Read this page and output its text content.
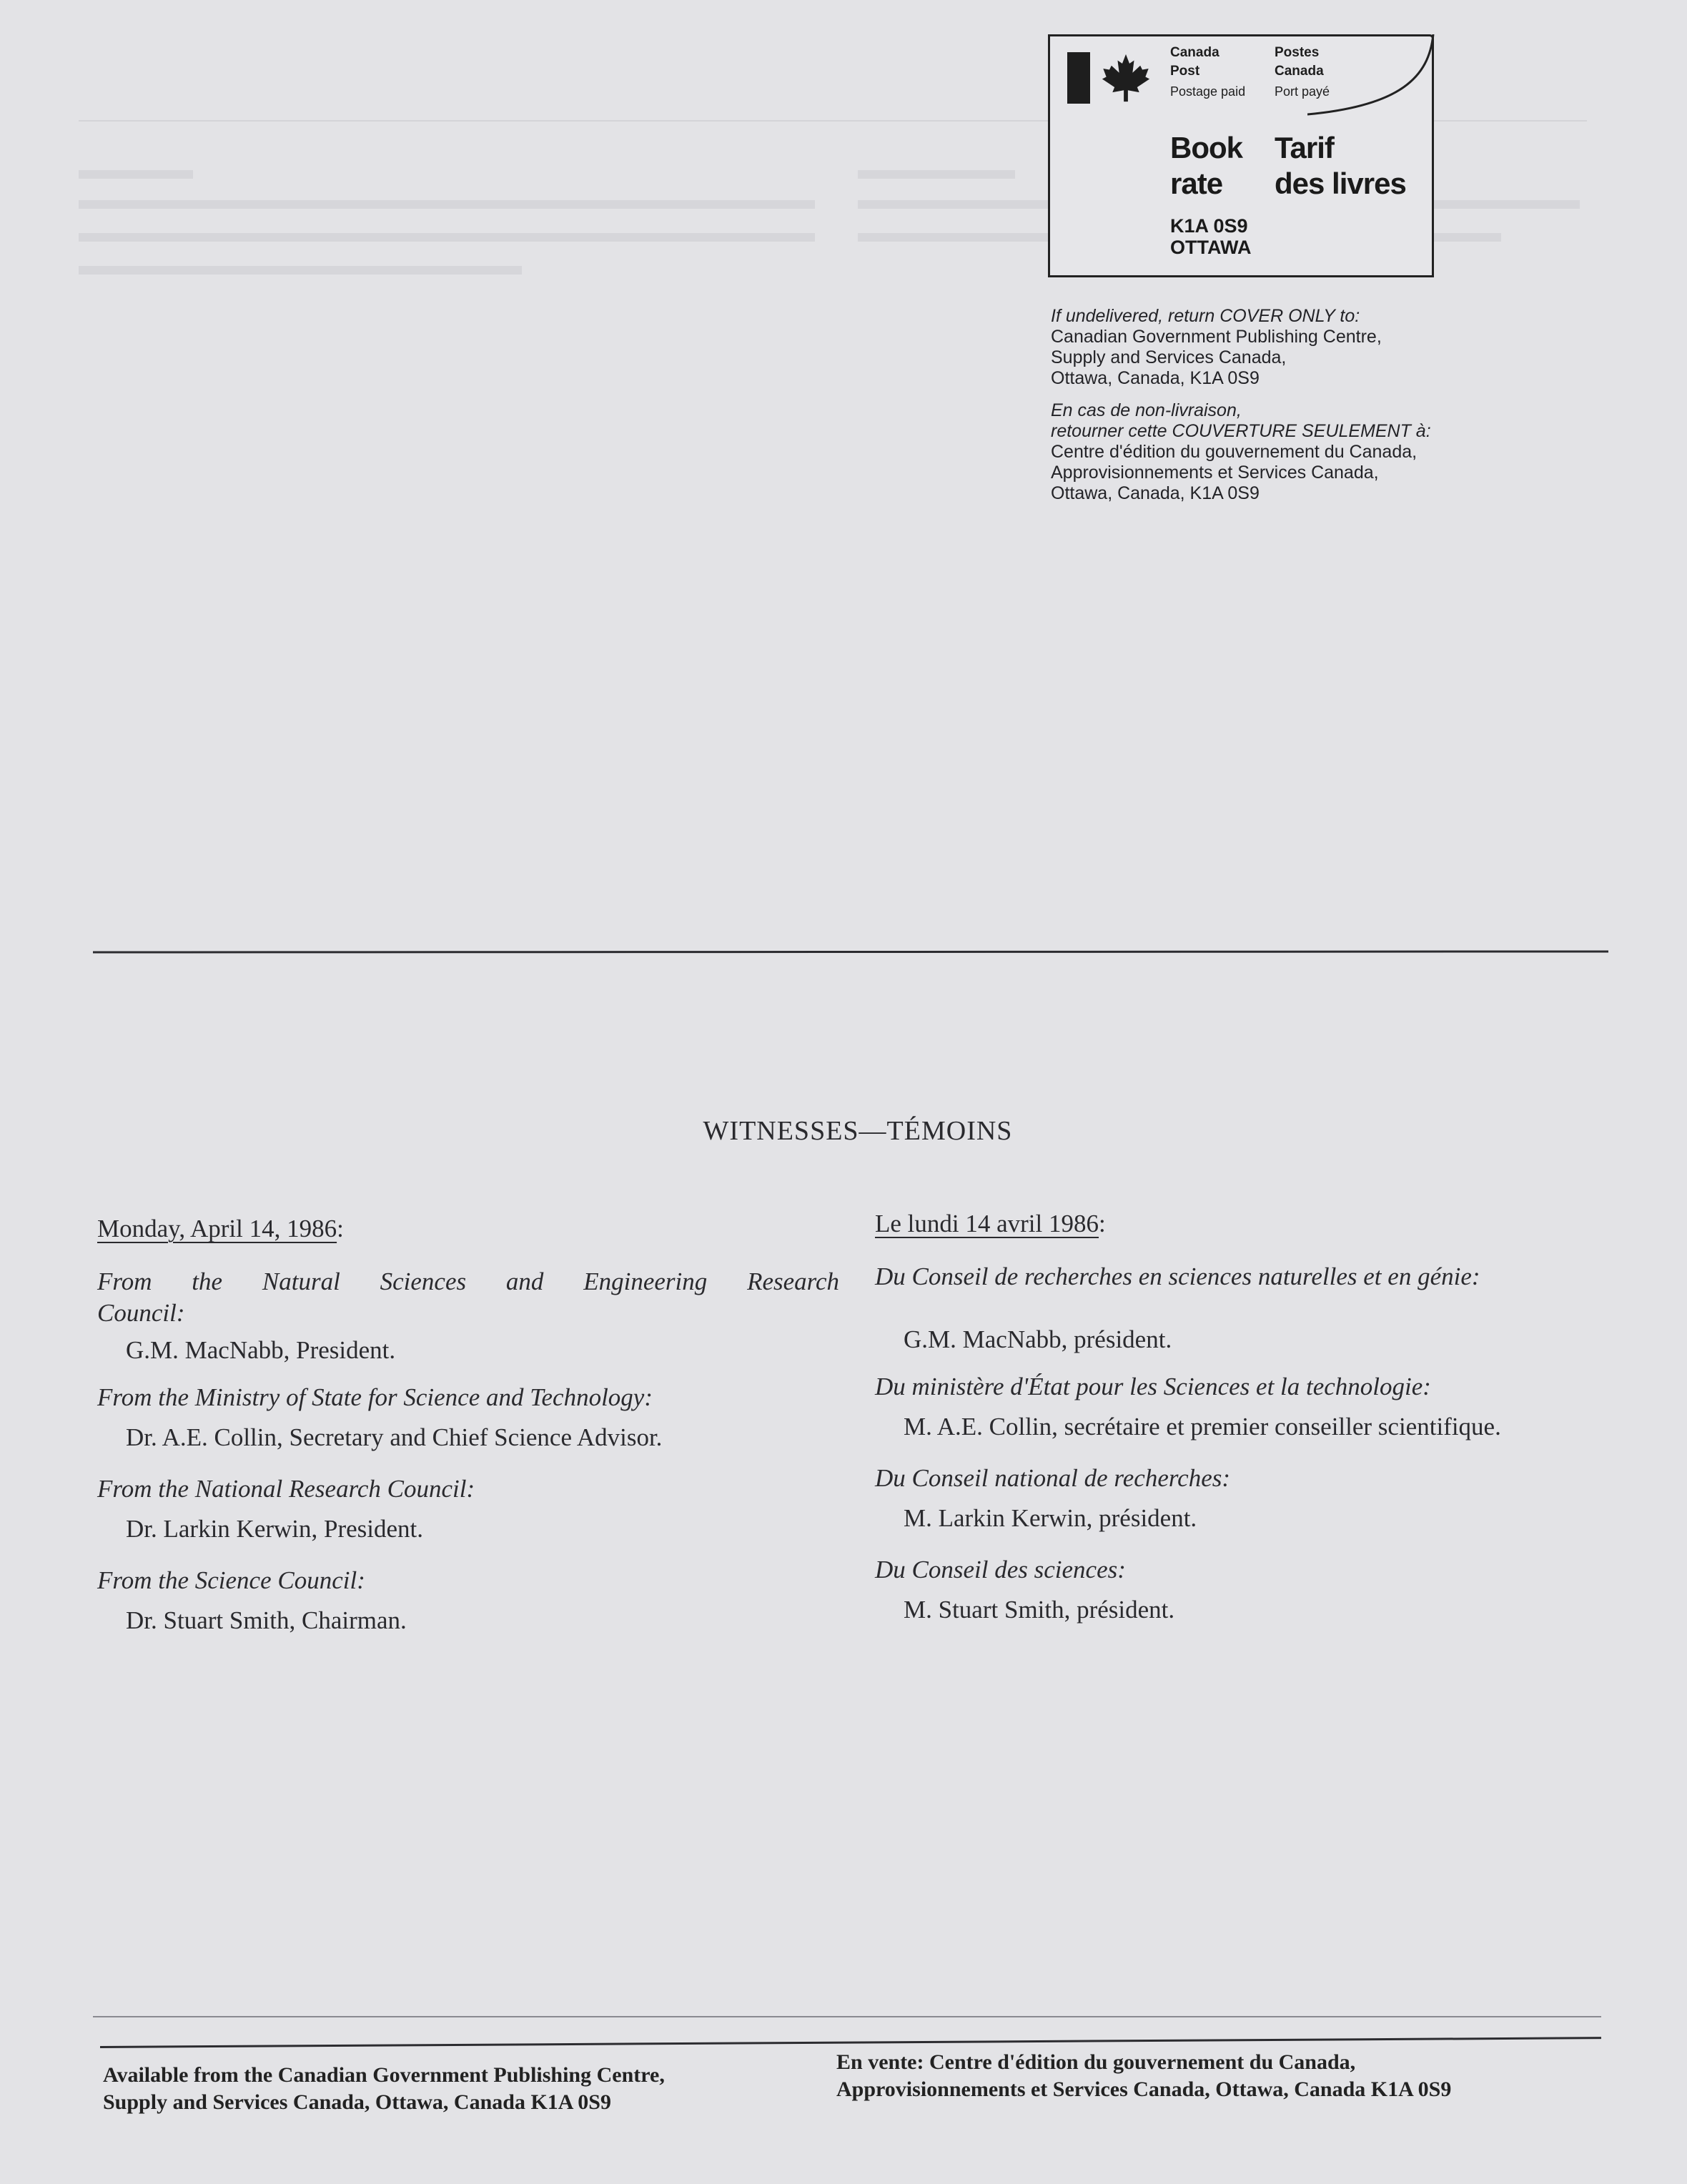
Canada
Post
Postage paid
Postes
Canada
Port payé
Book
rate
Tarif
des livres
K1A 0S9
OTTAWA
If undelivered, return COVER ONLY to:
Canadian Government Publishing Centre,
Supply and Services Canada,
Ottawa, Canada, K1A 0S9
En cas de non-livraison,
retourner cette COUVERTURE SEULEMENT à:
Centre d'édition du gouvernement du Canada,
Approvisionnements et Services Canada,
Ottawa, Canada, K1A 0S9
WITNESSES—TÉMOINS
Monday, April 14, 1986:
From the Natural Sciences and Engineering Research
Council:
G.M. MacNabb, President.
From the Ministry of State for Science and Technology:
Dr. A.E. Collin, Secretary and Chief Science Advisor.
From the National Research Council:
Dr. Larkin Kerwin, President.
From the Science Council:
Dr. Stuart Smith, Chairman.
Le lundi 14 avril 1986:
Du Conseil de recherches en sciences naturelles et en génie:
G.M. MacNabb, président.
Du ministère d'État pour les Sciences et la technologie:
M. A.E. Collin, secrétaire et premier conseiller scientifique.
Du Conseil national de recherches:
M. Larkin Kerwin, président.
Du Conseil des sciences:
M. Stuart Smith, président.
Available from the Canadian Government Publishing Centre,
Supply and Services Canada, Ottawa, Canada K1A 0S9
En vente: Centre d'édition du gouvernement du Canada,
Approvisionnements et Services Canada, Ottawa, Canada K1A 0S9
